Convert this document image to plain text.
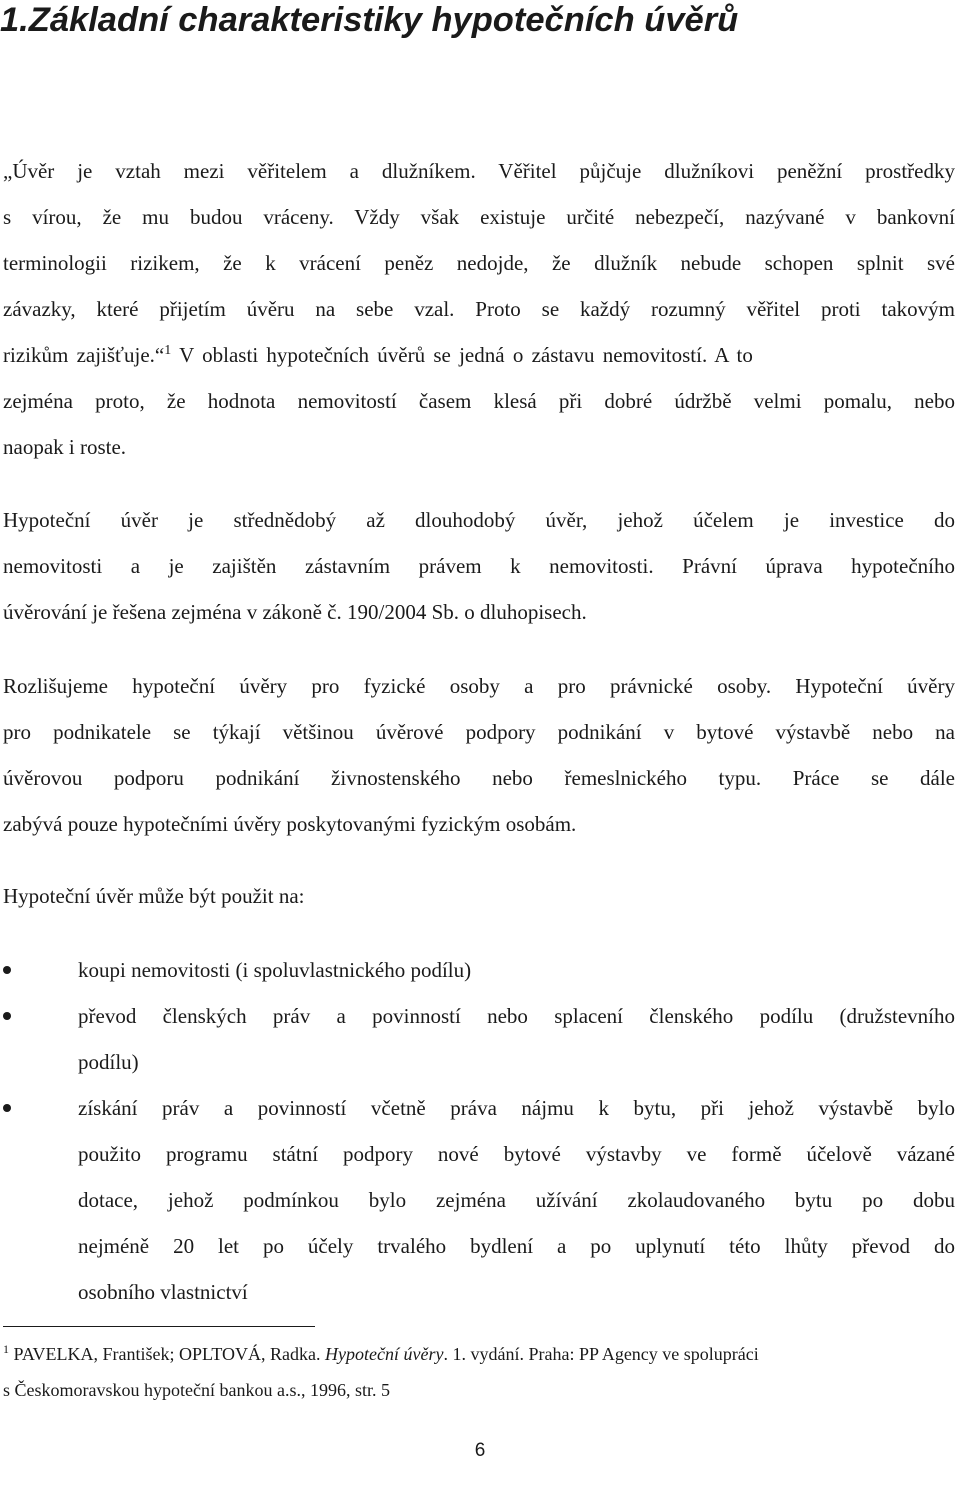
1.Základní charakteristiky hypotečních úvěrů
„Úvěr je vztah mezi věřitelem a dlužníkem. Věřitel půjčuje dlužníkovi peněžní prostředky
s vírou, že mu budou vráceny. Vždy však existuje určité nebezpečí, nazývané v bankovní
terminologii rizikem, že k vrácení peněz nedojde, že dlužník nebude schopen splnit své
závazky, které přijetím úvěru na sebe vzal. Proto se každý rozumný věřitel proti takovým
rizikům zajišťuje.“$^1$ V oblasti hypotečních úvěrů se jedná o zástavu nemovitostí. A to
zejména proto, že hodnota nemovitostí časem klesá při dobré údržbě velmi pomalu, nebo
naopak i roste.
Hypoteční úvěr je střednědobý až dlouhodobý úvěr, jehož účelem je investice do
nemovitosti a je zajištěn zástavním právem k nemovitosti. Právní úprava hypotečního
úvěrování je řešena zejména v zákoně č. 190/2004 Sb. o dluhopisech.
Rozlišujeme hypoteční úvěry pro fyzické osoby a pro právnické osoby. Hypoteční úvěry
pro podnikatele se týkají většinou úvěrové podpory podnikání v bytové výstavbě nebo na
úvěrovou podporu podnikání živnostenského nebo řemeslnického typu. Práce se dále
zabývá pouze hypotečními úvěry poskytovanými fyzickým osobám.
Hypoteční úvěr může být použit na:
koupi nemovitosti (i spoluvlastnického podílu)
převod členských práv a povinností nebo splacení členského podílu (družstevního
podílu)
získání práv a povinností včetně práva nájmu k bytu, při jehož výstavbě bylo
použito programu státní podpory nové bytové výstavby ve formě účelově vázané
dotace, jehož podmínkou bylo zejména užívání zkolaudovaného bytu po dobu
nejméně 20 let po účely trvalého bydlení a po uplynutí této lhůty převod do
osobního vlastnictví
$^1$ PAVELKA, František; OPLTOVÁ, Radka. Hypoteční úvěry. 1. vydání. Praha: PP Agency ve spolupráci
s Českomoravskou hypoteční bankou a.s., 1996, str. 5
6
